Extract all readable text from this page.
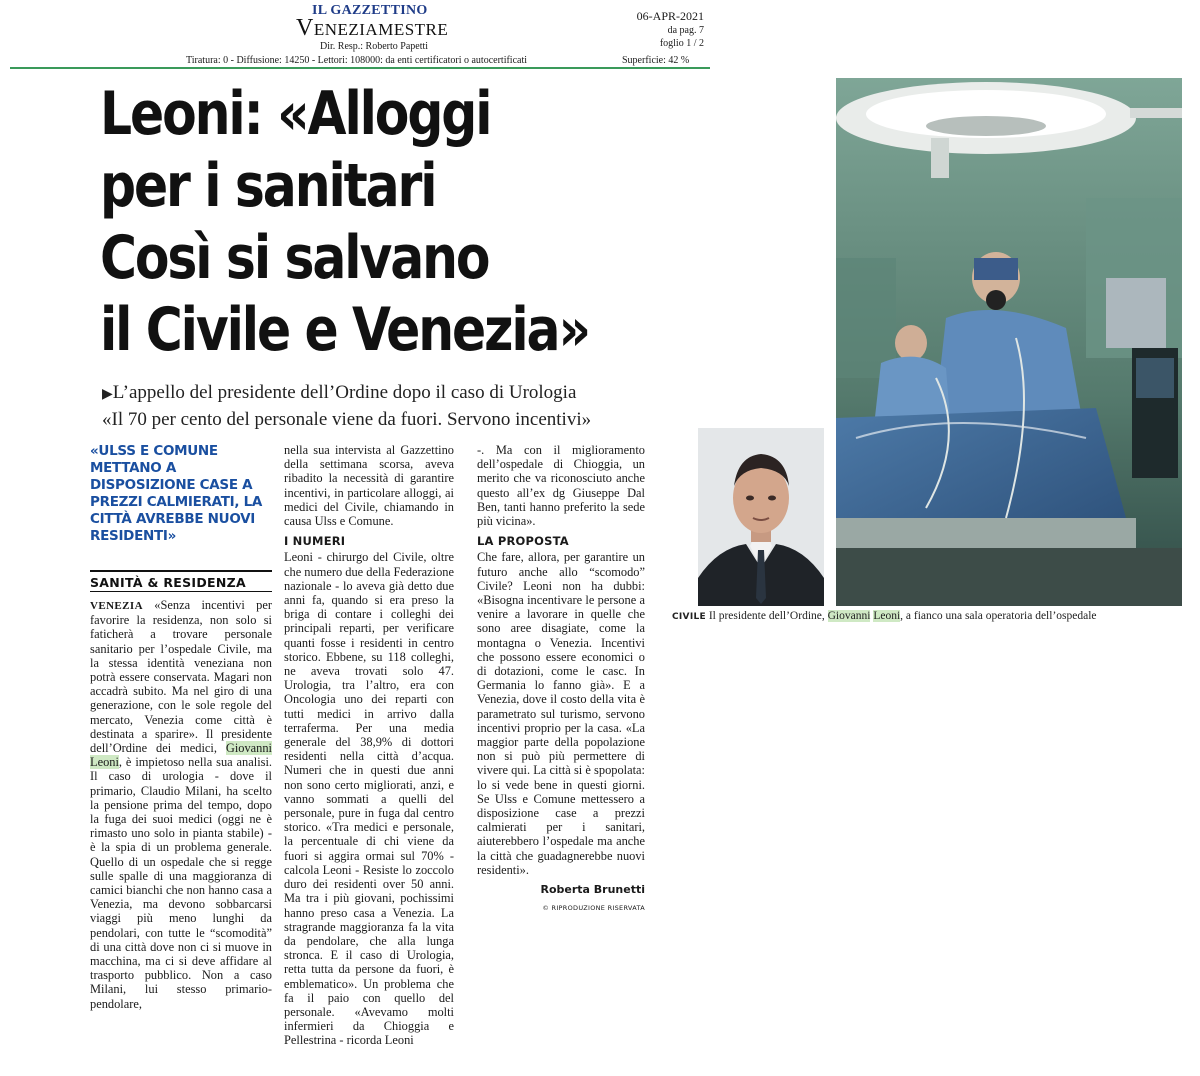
IL GAZZETTINO
VENEZIAMESTRE
Dir. Resp.: Roberto Papetti
Tiratura: 0 - Diffusione: 14250 - Lettori: 108000: da enti certificatori o autocertificati
06-APR-2021
da pag. 7
foglio 1 / 2
Superficie: 42 %
Leoni: «Alloggi
per i sanitari
Così si salvano
il Civile e Venezia»
▶L’appello del presidente dell’Ordine dopo il caso di Urologia
«Il 70 per cento del personale viene da fuori. Servono incentivi»
«ULSS E COMUNE METTANO A DISPOSIZIONE CASE A PREZZI CALMIERATI, LA CITTÀ AVREBBE NUOVI RESIDENTI»
SANITÀ & RESIDENZA
VENEZIA «Senza incentivi per favorire la residenza, non solo si faticherà a trovare personale sanitario per l’ospedale Civile, ma la stessa identità veneziana non potrà essere conservata. Magari non accadrà subito. Ma nel giro di una generazione, con le sole regole del mercato, Venezia come città è destinata a sparire». Il presidente dell’Ordine dei medici, Giovanni Leoni, è impietoso nella sua analisi. Il caso di urologia - dove il primario, Claudio Milani, ha scelto la pensione prima del tempo, dopo la fuga dei suoi medici (oggi ne è rimasto uno solo in pianta stabile) - è la spia di un problema generale. Quello di un ospedale che si regge sulle spalle di una maggioranza di camici bianchi che non hanno casa a Venezia, ma devono sobbarcarsi viaggi più meno lunghi da pendolari, con tutte le “scomodità” di una città dove non ci si muove in macchina, ma ci si deve affidare al trasporto pubblico. Non a caso Milani, lui stesso primario-pendolare,

nella sua intervista al Gazzettino della settimana scorsa, aveva ribadito la necessità di garantire incentivi, in particolare alloggi, ai medici del Civile, chiamando in causa Ulss e Comune.

I NUMERI

Leoni - chirurgo del Civile, oltre che numero due della Federazione nazionale - lo aveva già detto due anni fa, quando si era preso la briga di contare i colleghi dei principali reparti, per verificare quanti fosse i residenti in centro storico. Ebbene, su 118 colleghi, ne aveva trovati solo 47. Urologia, tra l’altro, era con Oncologia uno dei reparti con tutti medici in arrivo dalla terraferma. Per una media generale del 38,9% di dottori residenti nella città d’acqua. Numeri che in questi due anni non sono certo migliorati, anzi, e vanno sommati a quelli del personale, pure in fuga dal centro storico. «Tra medici e personale, la percentuale di chi viene da fuori si aggira ormai sul 70% - calcola Leoni - Resiste lo zoccolo duro dei residenti over 50 anni. Ma tra i più giovani, pochissimi hanno preso casa a Venezia. La stragrande maggioranza fa la vita da pendolare, che alla lunga stronca. E il caso di Urologia, retta tutta da persone da fuori, è emblematico». Un problema che fa il paio con quello del personale. «Avevamo molti infermieri da Chioggia e Pellestrina - ricorda Leoni

-. Ma con il miglioramento dell’ospedale di Chioggia, un merito che va riconosciuto anche questo all’ex dg Giuseppe Dal Ben, tanti hanno preferito la sede più vicina».

LA PROPOSTA

Che fare, allora, per garantire un futuro anche allo “scomodo” Civile? Leoni non ha dubbi: «Bisogna incentivare le persone a venire a lavorare in quelle che sono aree disagiate, come la montagna o Venezia. Incentivi che possono essere economici o di dotazioni, come le casc. In Germania lo fanno già». E a Venezia, dove il costo della vita è parametrato sul turismo, servono incentivi proprio per la casa. «La maggior parte della popolazione non si può più permettere di vivere qui. La città si è spopolata: lo si vede bene in questi giorni. Se Ulss e Comune mettessero a disposizione case a prezzi calmierati per i sanitari, aiuterebbero l’ospedale ma anche la città che guadagnerebbe nuovi residenti».

Roberta Brunetti
© RIPRODUZIONE RISERVATA
CIVILE Il presidente dell’Ordine, Giovanni Leoni, a fianco una sala operatoria dell’ospedale
